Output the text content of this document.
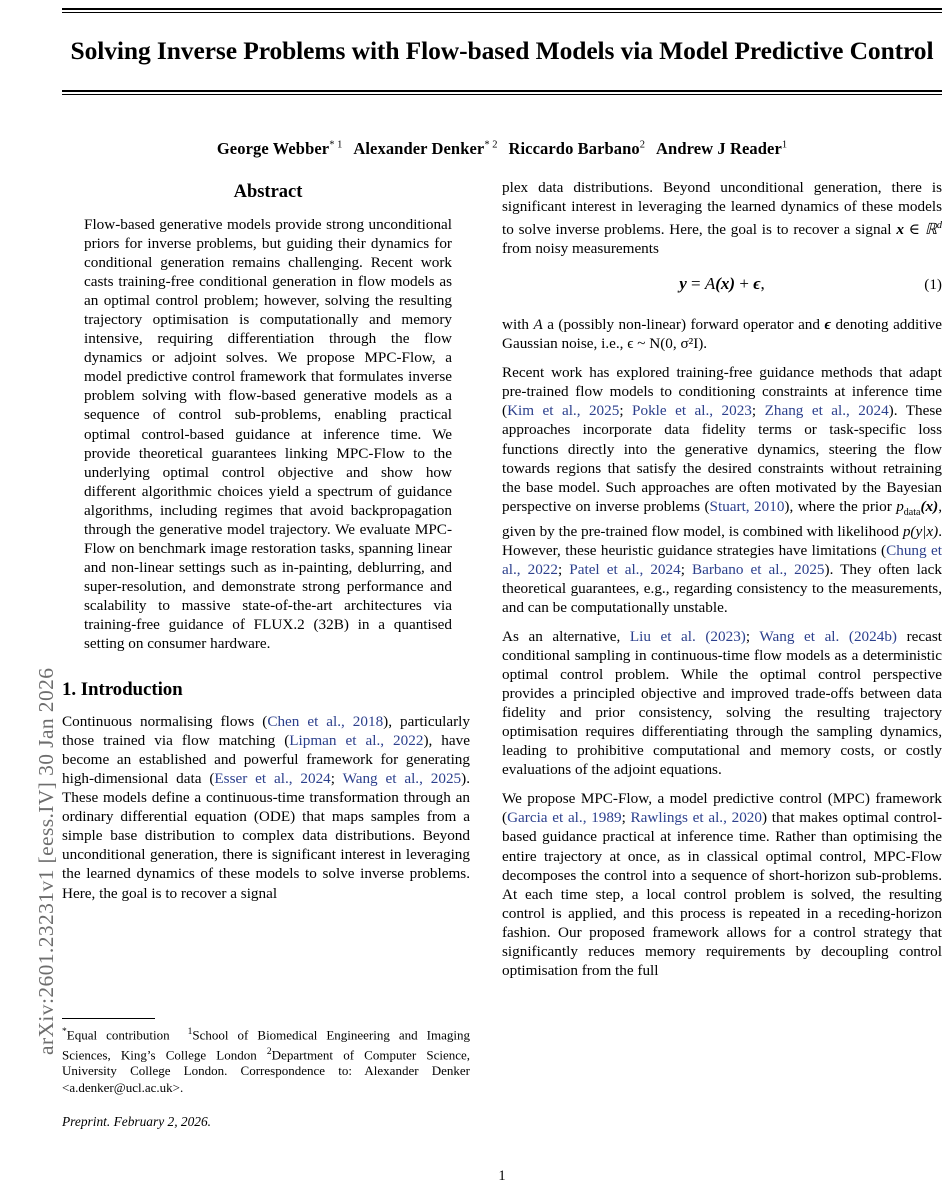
arXiv:2601.23231v1 [eess.IV] 30 Jan 2026
Solving Inverse Problems with Flow-based Models via Model Predictive Control
George Webber$^{* 1}$ Alexander Denker$^{* 2}$ Riccardo Barbano$^2$ Andrew J Reader$^1$
Abstract

Flow-based generative models provide strong unconditional priors for inverse problems, but guiding their dynamics for conditional generation remains challenging. Recent work casts training-free conditional generation in flow models as an optimal control problem; however, solving the resulting trajectory optimisation is computationally and memory intensive, requiring differentiation through the flow dynamics or adjoint solves. We propose MPC-Flow, a model predictive control framework that formulates inverse problem solving with flow-based generative models as a sequence of control sub-problems, enabling practical optimal control-based guidance at inference time. We provide theoretical guarantees linking MPC-Flow to the underlying optimal control objective and show how different algorithmic choices yield a spectrum of guidance algorithms, including regimes that avoid backpropagation through the generative model trajectory. We evaluate MPC-Flow on benchmark image restoration tasks, spanning linear and non-linear settings such as in-painting, deblurring, and super-resolution, and demonstrate strong performance and scalability to massive state-of-the-art architectures via training-free guidance of FLUX.2 (32B) in a quantised setting on consumer hardware.

1. Introduction

Continuous normalising flows (Chen et al., 2018), particularly those trained via flow matching (Lipman et al., 2022), have become an established and powerful framework for generating high-dimensional data (Esser et al., 2024; Wang et al., 2025). These models define a continuous-time transformation through an ordinary differential equation (ODE) that maps samples from a simple base distribution to complex data distributions. Beyond unconditional generation, there is significant interest in leveraging the learned dynamics of these models to solve inverse problems. Here, the goal is to recover a signal

*Equal contribution $^1$School of Biomedical Engineering and Imaging Sciences, King’s College London $^2$Department of Computer Science, University College London. Correspondence to: Alexander Denker <a.denker@ucl.ac.uk>.

Preprint. February 2, 2026.

plex data distributions. Beyond unconditional generation, there is significant interest in leveraging the learned dynamics of these models to solve inverse problems. Here, the goal is to recover a signal x ∈ ℝ$^d$ from noisy measurements

y = A(x) + ϵ,	(1)

with A a (possibly non-linear) forward operator and ϵ denoting additive Gaussian noise, i.e., ϵ ~ N(0, σ²I).

Recent work has explored training-free guidance methods that adapt pre-trained flow models to conditioning constraints at inference time (Kim et al., 2025; Pokle et al., 2023; Zhang et al., 2024). These approaches incorporate data fidelity terms or task-specific loss functions directly into the generative dynamics, steering the flow towards regions that satisfy the desired constraints without retraining the base model. Such approaches are often motivated by the Bayesian perspective on inverse problems (Stuart, 2010), where the prior $p_{data}(x)$, given by the pre-trained flow model, is combined with likelihood p(y|x). However, these heuristic guidance strategies have limitations (Chung et al., 2022; Patel et al., 2024; Barbano et al., 2025). They often lack theoretical guarantees, e.g., regarding consistency to the measurements, and can be computationally unstable.

As an alternative, Liu et al. (2023); Wang et al. (2024b) recast conditional sampling in continuous-time flow models as a deterministic optimal control problem. While the optimal control perspective provides a principled objective and improved trade-offs between data fidelity and prior consistency, solving the resulting trajectory optimisation requires differentiating through the sampling dynamics, leading to prohibitive computational and memory costs, or costly evaluations of the adjoint equations.

We propose MPC-Flow, a model predictive control (MPC) framework (Garcia et al., 1989; Rawlings et al., 2020) that makes optimal control-based guidance practical at inference time. Rather than optimising the entire trajectory at once, as in classical optimal control, MPC-Flow decomposes the control into a sequence of short-horizon sub-problems. At each time step, a local control problem is solved, the resulting control is applied, and this process is repeated in a receding-horizon fashion. Our proposed framework allows for a control strategy that significantly reduces memory requirements by decoupling control optimisation from the full

1
